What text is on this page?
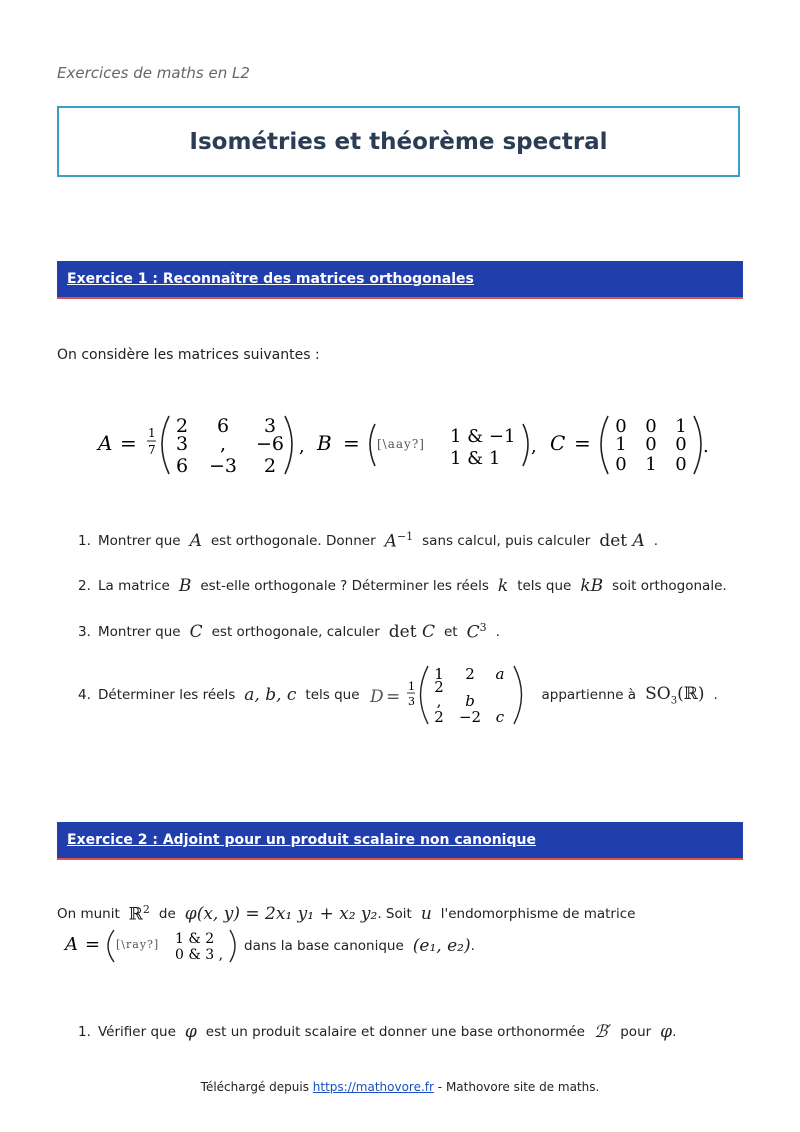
Exercices de maths en L2
Isométries et théorème spectral
Exercice 1 : Reconnaître des matrices orthogonales
On considère les matrices suivantes :
A = 1
7
2 6 3
3 , −6
6 −3 2
, B = [\aay?] 1 & −1
1 & 1
, C =
0 0 1
1 0 0
0 1 0
.
1. Montrer que A est orthogonale. Donner $A^{-1}$ sans calcul, puis calculer det A .
2. La matrice B est-elle orthogonale ? Déterminer les réels k tels que kB soit orthogonale.
3. Montrer que C est orthogonale, calculer det C et $C^3$ .
4. Déterminer les réels a, b, c tels que D =
1
3
1 2 a
2
, b
2 −2 c
appartienne à $SO_3(ℝ)$ .
Exercice 2 : Adjoint pour un produit scalaire non canonique
On munit ℝ$^2$ de φ(x, y) = 2x₁ y₁ + x₂ y₂ . Soit u l'endomorphisme de matrice
A = [\ray?] 1 & 2
0 & 3 ,
dans la base canonique (e₁, e₂) .
1. Vérifier que φ est un produit scalaire et donner une base orthonormée ℬ′ pour φ .
Téléchargé depuis https://mathovore.fr - Mathovore site de maths.
